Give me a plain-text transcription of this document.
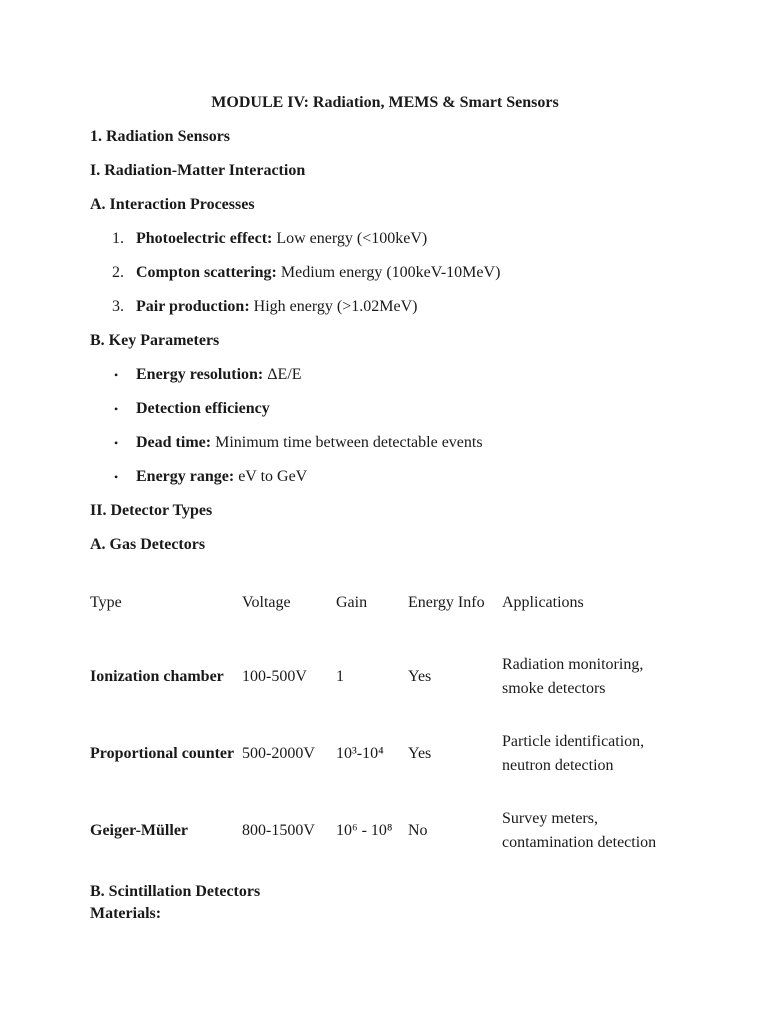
MODULE IV: Radiation, MEMS & Smart Sensors
1. Radiation Sensors
I. Radiation-Matter Interaction
A. Interaction Processes
1. Photoelectric effect: Low energy (<100keV)
2. Compton scattering: Medium energy (100keV-10MeV)
3. Pair production: High energy (>1.02MeV)
B. Key Parameters
• Energy resolution: ΔE/E
• Detection efficiency
• Dead time: Minimum time between detectable events
• Energy range: eV to GeV
II. Detector Types
A. Gas Detectors
Type	Voltage	Gain	Energy Info	Applications
Ionization chamber	100-500V	1	Yes	Radiation monitoring, smoke detectors
Proportional counter	500-2000V	10³-10⁴	Yes	Particle identification, neutron detection
Geiger-Müller	800-1500V	10⁶ - 10⁸	No	Survey meters, contamination detection
B. Scintillation Detectors
Materials:
